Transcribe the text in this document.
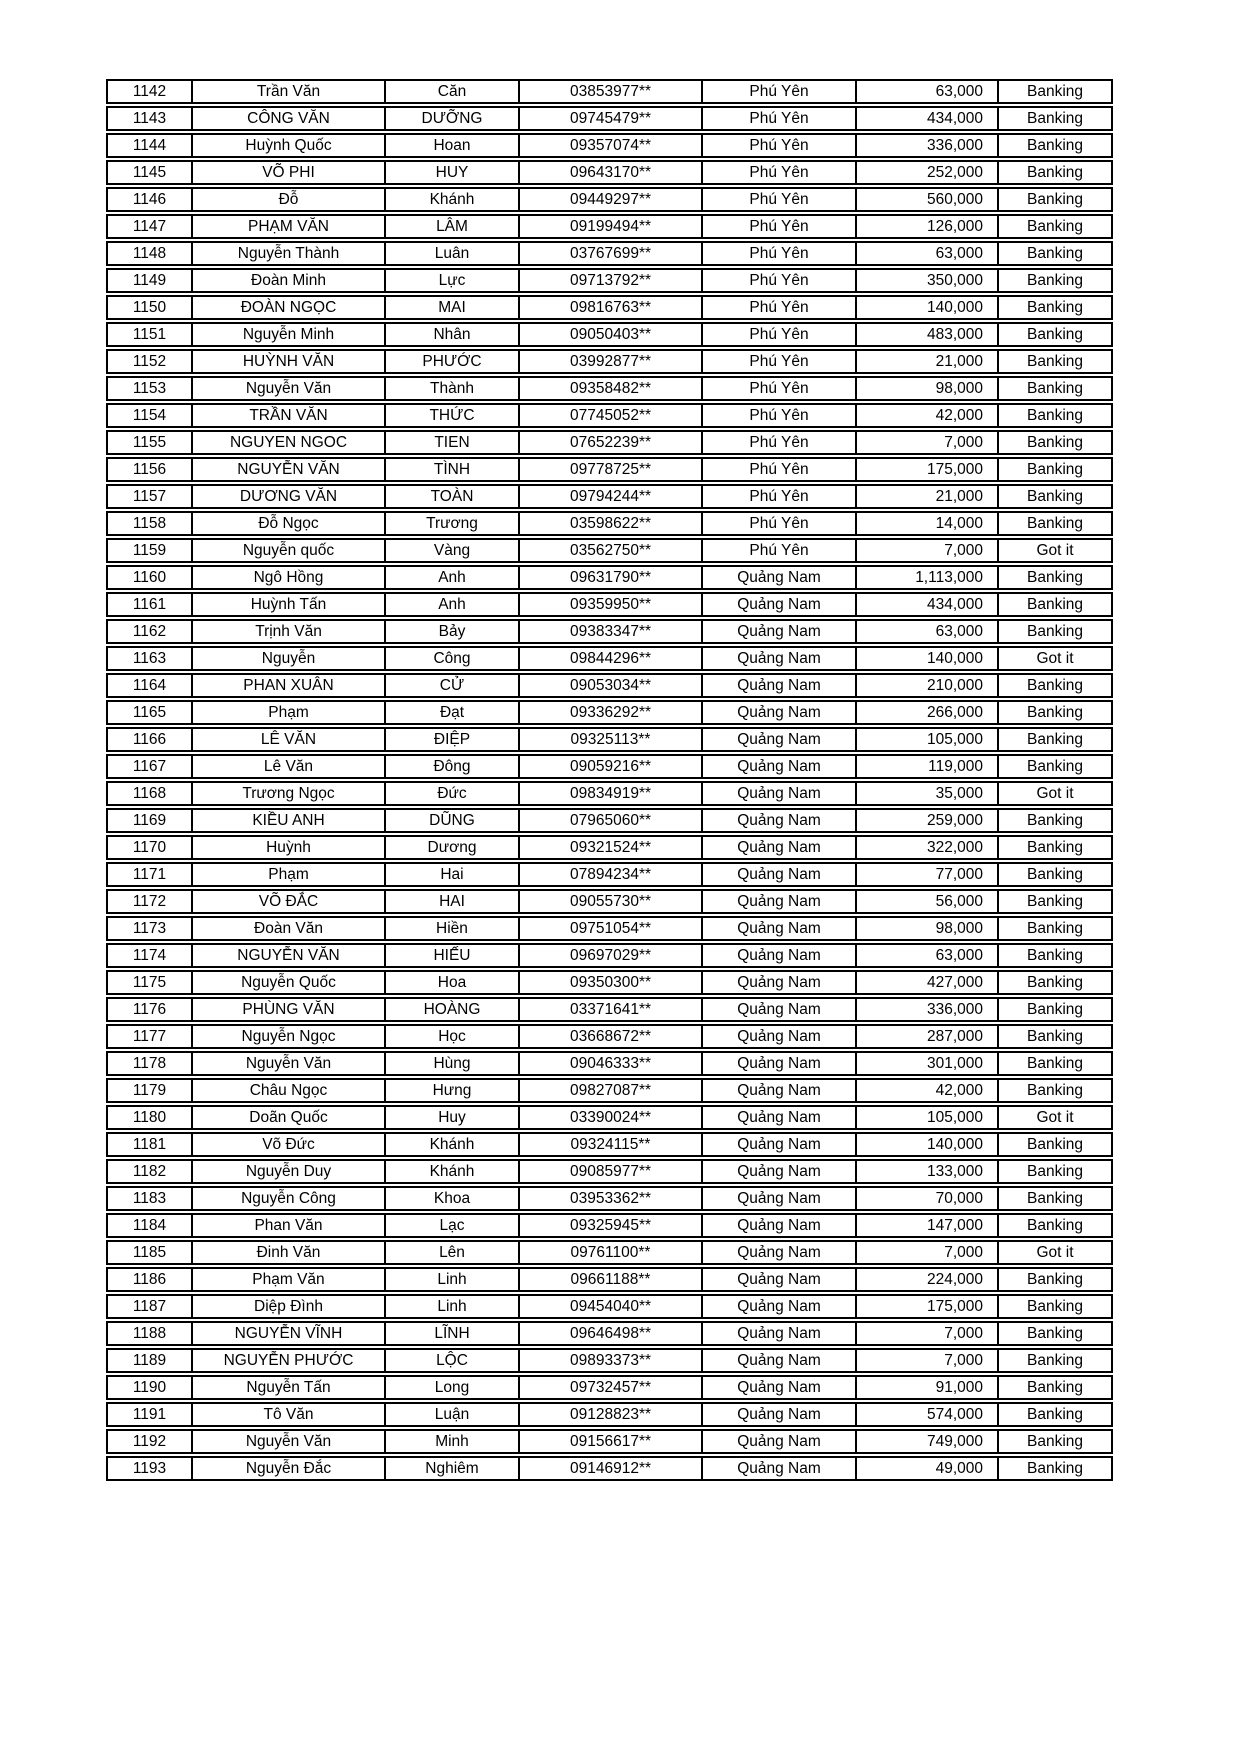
1142	Trần Văn	Căn	03853977**	Phú Yên	63,000	Banking
1143	CÔNG VĂN	DƯỠNG	09745479**	Phú Yên	434,000	Banking
1144	Huỳnh Quốc	Hoan	09357074**	Phú Yên	336,000	Banking
1145	VÕ PHI	HUY	09643170**	Phú Yên	252,000	Banking
1146	Đỗ	Khánh	09449297**	Phú Yên	560,000	Banking
1147	PHẠM VĂN	LÂM	09199494**	Phú Yên	126,000	Banking
1148	Nguyễn Thành	Luân	03767699**	Phú Yên	63,000	Banking
1149	Đoàn Minh	Lực	09713792**	Phú Yên	350,000	Banking
1150	ĐOÀN NGỌC	MAI	09816763**	Phú Yên	140,000	Banking
1151	Nguyễn Minh	Nhân	09050403**	Phú Yên	483,000	Banking
1152	HUỲNH VĂN	PHƯỚC	03992877**	Phú Yên	21,000	Banking
1153	Nguyễn Văn	Thành	09358482**	Phú Yên	98,000	Banking
1154	TRẦN VĂN	THỨC	07745052**	Phú Yên	42,000	Banking
1155	NGUYEN NGOC	TIEN	07652239**	Phú Yên	7,000	Banking
1156	NGUYỄN VĂN	TÌNH	09778725**	Phú Yên	175,000	Banking
1157	DƯƠNG VĂN	TOÀN	09794244**	Phú Yên	21,000	Banking
1158	Đỗ Ngọc	Trương	03598622**	Phú Yên	14,000	Banking
1159	Nguyễn quốc	Vàng	03562750**	Phú Yên	7,000	Got it
1160	Ngô Hồng	Anh	09631790**	Quảng Nam	1,113,000	Banking
1161	Huỳnh Tấn	Anh	09359950**	Quảng Nam	434,000	Banking
1162	Trịnh Văn	Bảy	09383347**	Quảng Nam	63,000	Banking
1163	Nguyễn	Công	09844296**	Quảng Nam	140,000	Got it
1164	PHAN XUÂN	CỬ	09053034**	Quảng Nam	210,000	Banking
1165	Phạm	Đạt	09336292**	Quảng Nam	266,000	Banking
1166	LÊ VĂN	ĐIỆP	09325113**	Quảng Nam	105,000	Banking
1167	Lê Văn	Đông	09059216**	Quảng Nam	119,000	Banking
1168	Trương Ngọc	Đức	09834919**	Quảng Nam	35,000	Got it
1169	KIỀU ANH	DŨNG	07965060**	Quảng Nam	259,000	Banking
1170	Huỳnh	Dương	09321524**	Quảng Nam	322,000	Banking
1171	Phạm	Hai	07894234**	Quảng Nam	77,000	Banking
1172	VÕ ĐẮC	HAI	09055730**	Quảng Nam	56,000	Banking
1173	Đoàn Văn	Hiền	09751054**	Quảng Nam	98,000	Banking
1174	NGUYỄN VĂN	HIẾU	09697029**	Quảng Nam	63,000	Banking
1175	Nguyễn Quốc	Hoa	09350300**	Quảng Nam	427,000	Banking
1176	PHÙNG VĂN	HOÀNG	03371641**	Quảng Nam	336,000	Banking
1177	Nguyễn Ngọc	Học	03668672**	Quảng Nam	287,000	Banking
1178	Nguyễn Văn	Hùng	09046333**	Quảng Nam	301,000	Banking
1179	Châu Ngọc	Hưng	09827087**	Quảng Nam	42,000	Banking
1180	Doãn Quốc	Huy	03390024**	Quảng Nam	105,000	Got it
1181	Võ Đức	Khánh	09324115**	Quảng Nam	140,000	Banking
1182	Nguyễn Duy	Khánh	09085977**	Quảng Nam	133,000	Banking
1183	Nguyễn Công	Khoa	03953362**	Quảng Nam	70,000	Banking
1184	Phan Văn	Lạc	09325945**	Quảng Nam	147,000	Banking
1185	Đinh Văn	Lên	09761100**	Quảng Nam	7,000	Got it
1186	Phạm Văn	Linh	09661188**	Quảng Nam	224,000	Banking
1187	Diệp Đình	Linh	09454040**	Quảng Nam	175,000	Banking
1188	NGUYỄN VĨNH	LĨNH	09646498**	Quảng Nam	7,000	Banking
1189	NGUYỄN PHƯỚC	LỘC	09893373**	Quảng Nam	7,000	Banking
1190	Nguyễn Tấn	Long	09732457**	Quảng Nam	91,000	Banking
1191	Tô Văn	Luận	09128823**	Quảng Nam	574,000	Banking
1192	Nguyễn Văn	Minh	09156617**	Quảng Nam	749,000	Banking
1193	Nguyễn Đắc	Nghiêm	09146912**	Quảng Nam	49,000	Banking
